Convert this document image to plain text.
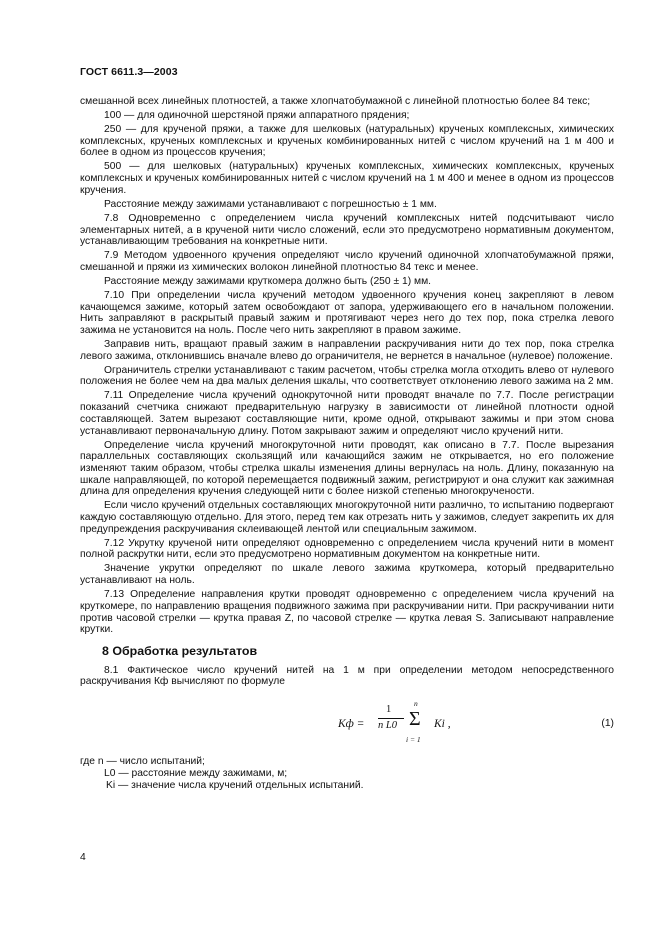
ГОСТ 6611.3—2003

смешанной всех линейных плотностей, а также хлопчатобумажной с линейной плотностью более 84 текс;

100 — для одиночной шерстяной пряжи аппаратного прядения;

250 — для крученой пряжи, а также для шелковых (натуральных) крученых комплексных, химических комплексных, крученых комплексных и крученых комбинированных нитей с числом кручений на 1 м 400 и более в одном из процессов кручения;

500 — для шелковых (натуральных) крученых комплексных, химических комплексных, крученых комплексных и крученых комбинированных нитей с числом кручений на 1 м 400 и менее в одном из процессов кручения.

Расстояние между зажимами устанавливают с погрешностью ± 1 мм.

7.8 Одновременно с определением числа кручений комплексных нитей подсчитывают число элементарных нитей, а в крученой нити число сложений, если это предусмотрено нормативным документом, устанавливающим требования на конкретные нити.

7.9 Методом удвоенного кручения определяют число кручений одиночной хлопчатобумажной пряжи, смешанной и пряжи из химических волокон линейной плотностью 84 текс и менее.

Расстояние между зажимами круткомера должно быть (250 ± 1) мм.

7.10 При определении числа кручений методом удвоенного кручения конец закрепляют в левом качающемся зажиме, который затем освобождают от запора, удерживающего его в начальном положении. Нить заправляют в раскрытый правый зажим и протягивают через него до тех пор, пока стрелка левого зажима не установится на ноль. После чего нить закрепляют в правом зажиме.

Заправив нить, вращают правый зажим в направлении раскручивания нити до тех пор, пока стрелка левого зажима, отклонившись вначале влево до ограничителя, не вернется в начальное (нулевое) положение.

Ограничитель стрелки устанавливают с таким расчетом, чтобы стрелка могла отходить влево от нулевого положения не более чем на два малых деления шкалы, что соответствует отклонению левого зажима на 2 мм.

7.11 Определение числа кручений однокруточной нити проводят вначале по 7.7. После регистрации показаний счетчика снижают предварительную нагрузку в зависимости от линейной плотности одной составляющей. Затем вырезают составляющие нити, кроме одной, открывают зажимы и при этом снова устанавливают первоначальную длину. Потом закрывают зажим и определяют число кручений нити.

Определение числа кручений многокруточной нити проводят, как описано в 7.7. После вырезания параллельных составляющих скользящий или качающийся зажим не открывается, но его положение изменяют таким образом, чтобы стрелка шкалы изменения длины вернулась на ноль. Длину, показанную на шкале направляющей, по которой перемещается подвижный зажим, регистрируют и она служит как зажимная длина для определения кручения следующей нити с более низкой степенью многокручености.

Если число кручений отдельных составляющих многокруточной нити различно, то испытанию подвергают каждую составляющую отдельно. Для этого, перед тем как отрезать нить у зажимов, следует закрепить их для предупреждения раскручивания склеивающей лентой или специальным зажимом.

7.12 Укрутку крученой нити определяют одновременно с определением числа кручений нити в момент полной раскрутки нити, если это предусмотрено нормативным документом на конкретные нити.

Значение укрутки определяют по шкале левого зажима круткомера, который предварительно устанавливают на ноль.

7.13 Определение направления крутки проводят одновременно с определением числа кручений на круткомере, по направлению вращения подвижного зажима при раскручивании нити. При раскручивании нити против часовой стрелки — крутка правая Z, по часовой стрелке — крутка левая S. Записывают направление крутки.

8 Обработка результатов

8.1 Фактическое число кручений нитей на 1 м при определении методом непосредственного раскручивания Кф вычисляют по формуле

Кф =
1
n L0
n
Σ
i = 1
Ki ,	(1)
где n — число испытаний;
L0 — расстояние между зажимами, м;
Ki — значение числа кручений отдельных испытаний.
4
